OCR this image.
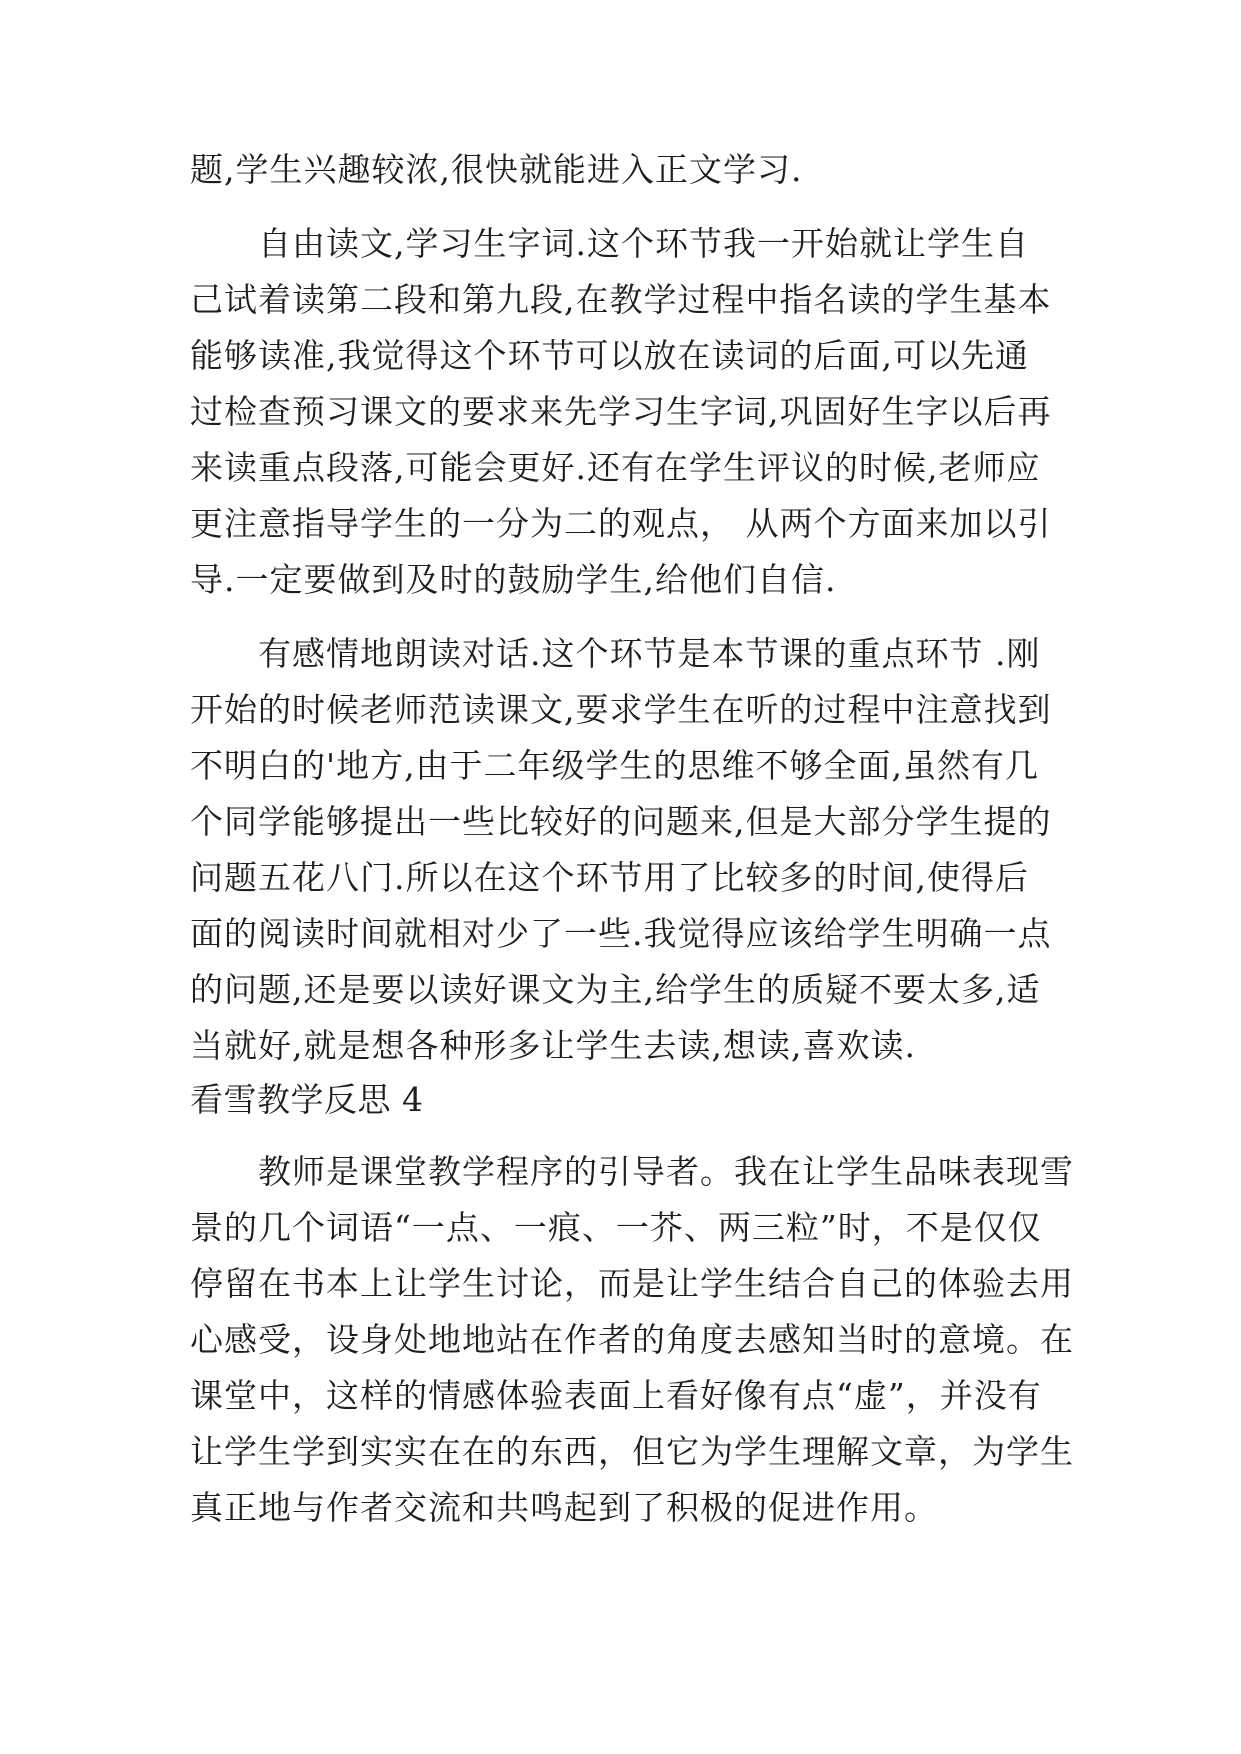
题,学生兴趣较浓,很快就能进入正文学习.
自由读文,学习生字词.这个环节我一开始就让学生自
己试着读第二段和第九段,在教学过程中指名读的学生基本
能够读准,我觉得这个环节可以放在读词的后面,可以先通
过检查预习课文的要求来先学习生字词,巩固好生字以后再
来读重点段落,可能会更好.还有在学生评议的时候,老师应
更注意指导学生的一分为二的观点， 从两个方面来加以引
导.一定要做到及时的鼓励学生,给他们自信.
有感情地朗读对话.这个环节是本节课的重点环节 .刚
开始的时候老师范读课文,要求学生在听的过程中注意找到
不明白的'地方,由于二年级学生的思维不够全面,虽然有几
个同学能够提出一些比较好的问题来,但是大部分学生提的
问题五花八门.所以在这个环节用了比较多的时间,使得后
面的阅读时间就相对少了一些.我觉得应该给学生明确一点
的问题,还是要以读好课文为主,给学生的质疑不要太多,适
当就好,就是想各种形多让学生去读,想读,喜欢读.
看雪教学反思 4
教师是课堂教学程序的引导者。我在让学生品味表现雪
景的几个词语“一点、一痕、一芥、两三粒”时，不是仅仅
停留在书本上让学生讨论，而是让学生结合自己的体验去用
心感受，设身处地地站在作者的角度去感知当时的意境。在
课堂中，这样的情感体验表面上看好像有点“虚”，并没有
让学生学到实实在在的东西，但它为学生理解文章，为学生
真正地与作者交流和共鸣起到了积极的促进作用。
